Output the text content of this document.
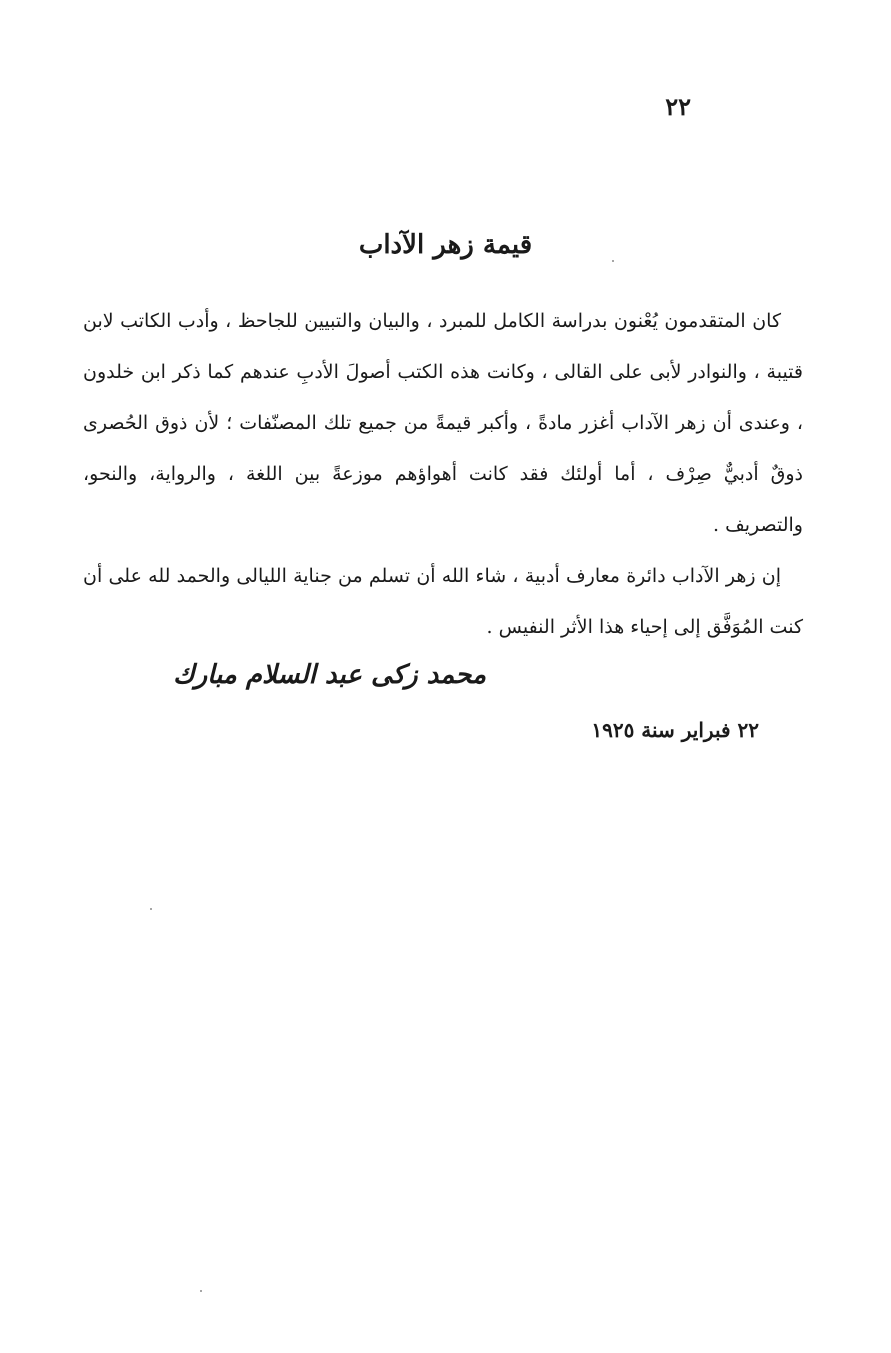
٢٢
قيمة زهر الآداب

كان المتقدمون يُعْنون بدراسة الكامل للمبرد ، والبيان والتبيين للجاحظ ، وأدب الكاتب لابن قتيبة ، والنوادر لأبى على القالى ، وكانت هذه الكتب أصولَ الأدبِ عندهم كما ذكر ابن خلدون ، وعندى أن زهر الآداب أغزر مادةً ، وأكبر قيمةً من جميع تلك المصنّفات ؛ لأن ذوق الحُصرى ذوقٌ أدبيٌّ صِرْف ، أما أولئك فقد كانت أهواؤهم موزعةً بين اللغة ، والرواية، والنحو، والتصريف .

إن زهر الآداب دائرة معارف أدبية ، شاء الله أن تسلم من جناية الليالى والحمد لله على أن كنت المُوَفَّق إلى إحياء هذا الأثر النفيس .

محمد زكى عبد السلام مبارك
٢٢ فبراير سنة ١٩٢٥
